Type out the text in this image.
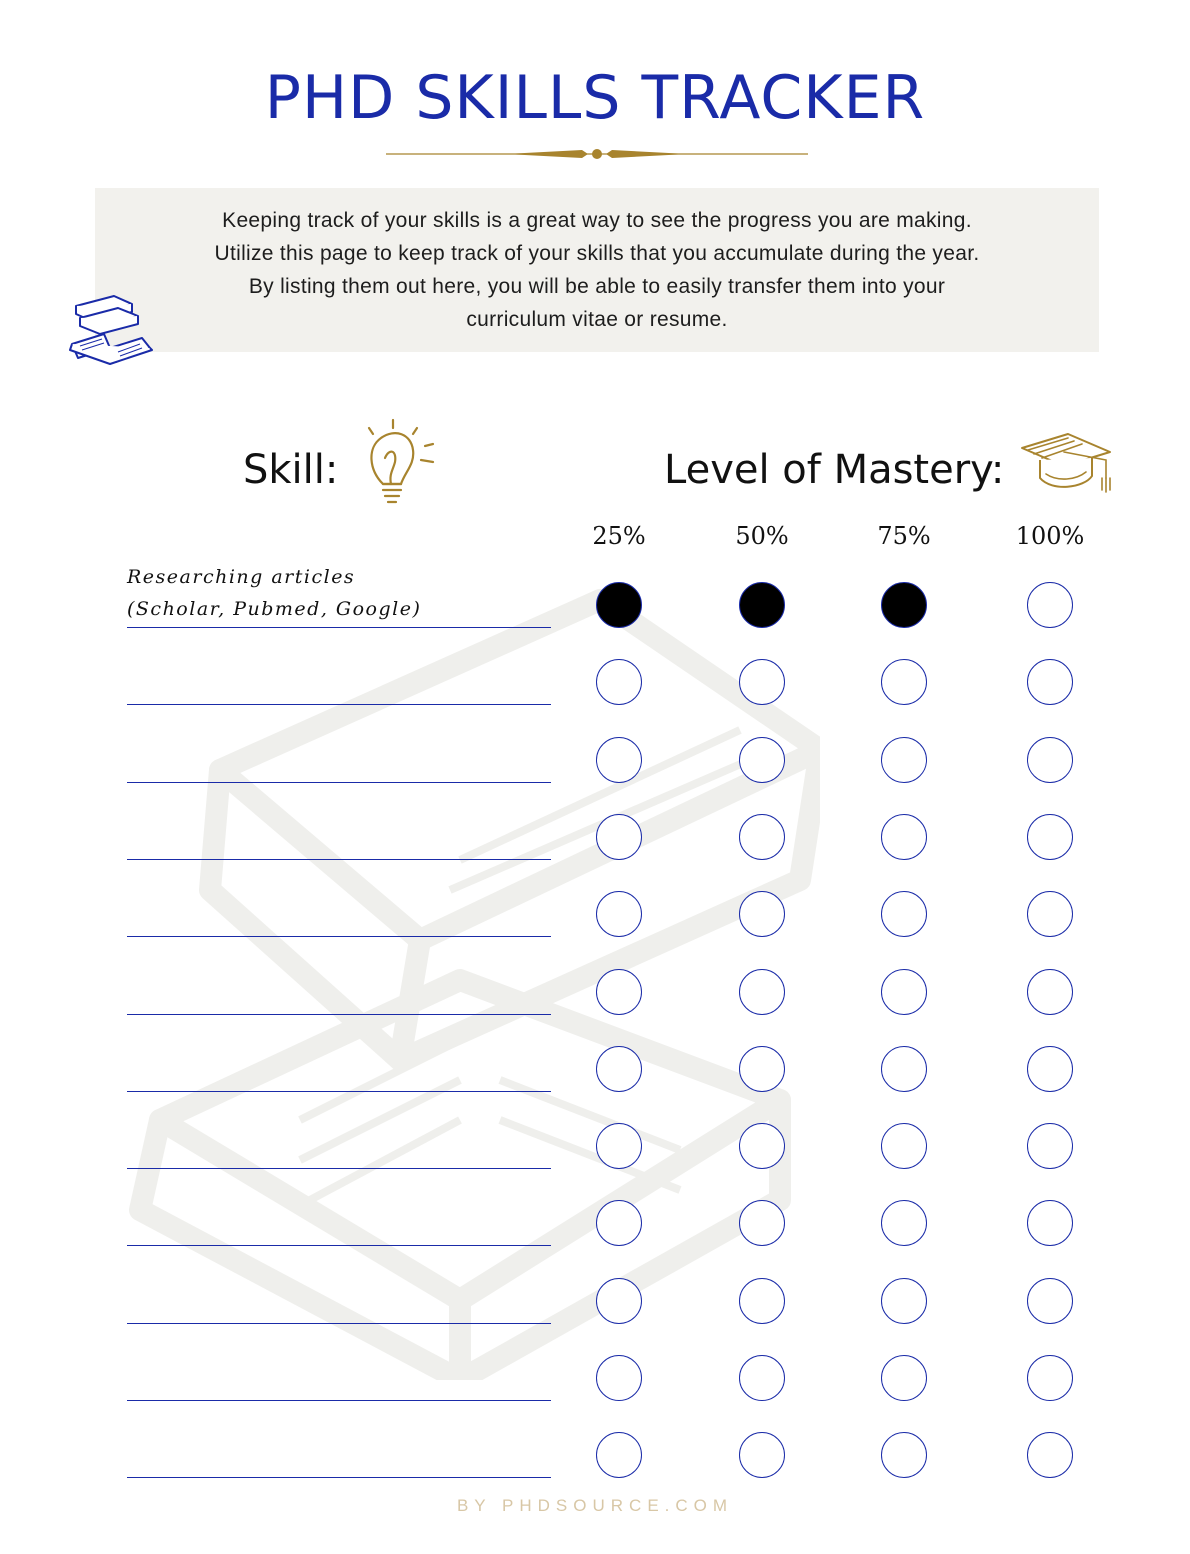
PHD SKILLS TRACKER

Keeping track of your skills is a great way to see the progress you are making.
Utilize this page to keep track of your skills that you accumulate during the year.
By listing them out here, you will be able to easily transfer them into your
curriculum vitae or resume.

Skill:	Level of Mastery:
25%	50%	75%	100%
Researching articles
(Scholar, Pubmed, Google)
BY PHDSOURCE.COM
